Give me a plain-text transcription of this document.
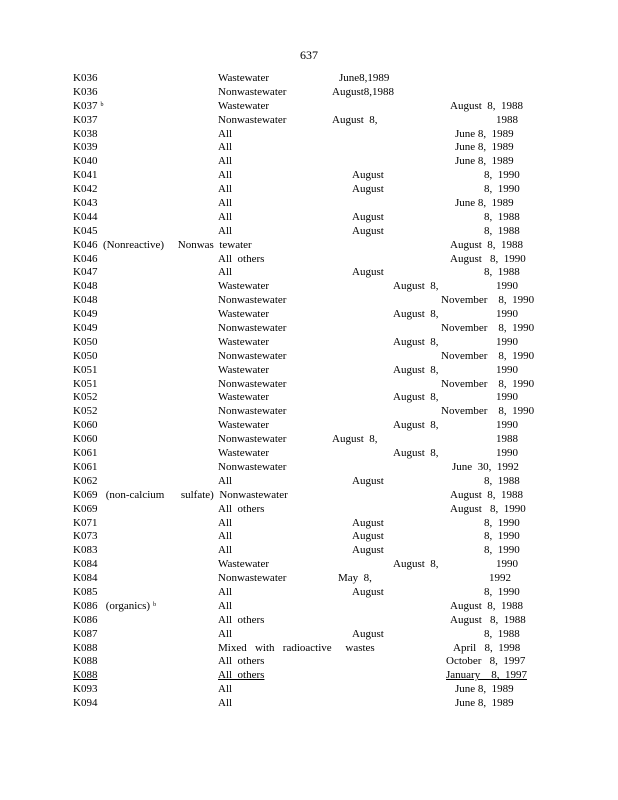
637
K036	Wastewater	June8,1989
K036	Nonwastewater	August8,1988
K037 $^b$	Wastewater	August  8,  1988
K037	Nonwastewater	August  8,	1988
K038	All	June 8,  1989
K039	All	June 8,  1989
K040	All	June 8,  1989
K041	All	August	8,  1990
K042	All	August	8,  1990
K043	All	June 8,  1989
K044	All	August	8,  1988
K045	All	August	8,  1988
K046  (Nonreactive)     Nonwas  tewater	August  8,  1988
K046	All  others	August   8,  1990
K047	All	August	8,  1988
K048	Wastewater	August  8,	1990
K048	Nonwastewater	November    8,  1990
K049	Wastewater	August  8,	1990
K049	Nonwastewater	November    8,  1990
K050	Wastewater	August  8,	1990
K050	Nonwastewater	November    8,  1990
K051	Wastewater	August  8,	1990
K051	Nonwastewater	November    8,  1990
K052	Wastewater	August  8,	1990
K052	Nonwastewater	November    8,  1990
K060	Wastewater	August  8,	1990
K060	Nonwastewater	August  8,	1988
K061	Wastewater	August  8,	1990
K061	Nonwastewater	June  30,  1992
K062	All	August	8,  1988
K069   (non-calcium      sulfate)  Nonwastewater	August  8,  1988
K069	All  others	August   8,  1990
K071	All	August	8,  1990
K073	All	August	8,  1990
K083	All	August	8,  1990
K084	Wastewater	August  8,	1990
K084	Nonwastewater	May  8,	1992
K085	All	August	8,  1990
K086   (organics) $^b$	All	August  8,  1988
K086	All  others	August   8,  1988
K087	All	August	8,  1988
K088	Mixed   with   radioactive     wastes	April   8,  1998
K088	All  others	October   8,  1997
K088	All  others	January    8,  1997
K093	All	June 8,  1989
K094	All	June 8,  1989
